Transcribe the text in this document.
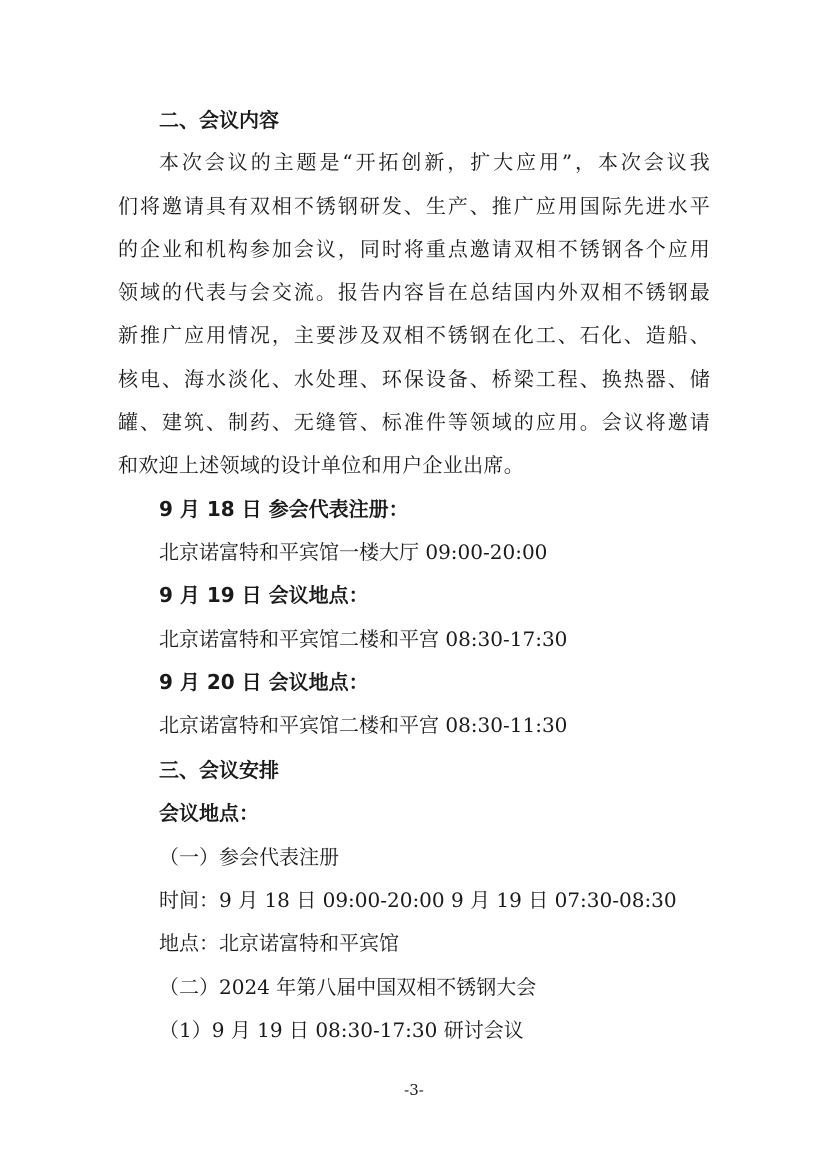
二、会议内容
本次会议的主题是“开拓创新，扩大应用”，本次会议我
们将邀请具有双相不锈钢研发、生产、推广应用国际先进水平
的企业和机构参加会议，同时将重点邀请双相不锈钢各个应用
领域的代表与会交流。报告内容旨在总结国内外双相不锈钢最
新推广应用情况，主要涉及双相不锈钢在化工、石化、造船、
核电、海水淡化、水处理、环保设备、桥梁工程、换热器、储
罐、建筑、制药、无缝管、标准件等领域的应用。会议将邀请
和欢迎上述领域的设计单位和用户企业出席。
9 月 18 日 参会代表注册：
北京诺富特和平宾馆一楼大厅 09:00-20:00
9 月 19 日 会议地点：
北京诺富特和平宾馆二楼和平宫 08:30-17:30
9 月 20 日 会议地点：
北京诺富特和平宾馆二楼和平宫 08:30-11:30
三、会议安排
会议地点：
（一）参会代表注册
时间：9 月 18 日 09:00-20:00 9 月 19 日 07:30-08:30
地点：北京诺富特和平宾馆
（二）2024 年第八届中国双相不锈钢大会
（1）9 月 19 日 08:30-17:30 研讨会议
-3-
